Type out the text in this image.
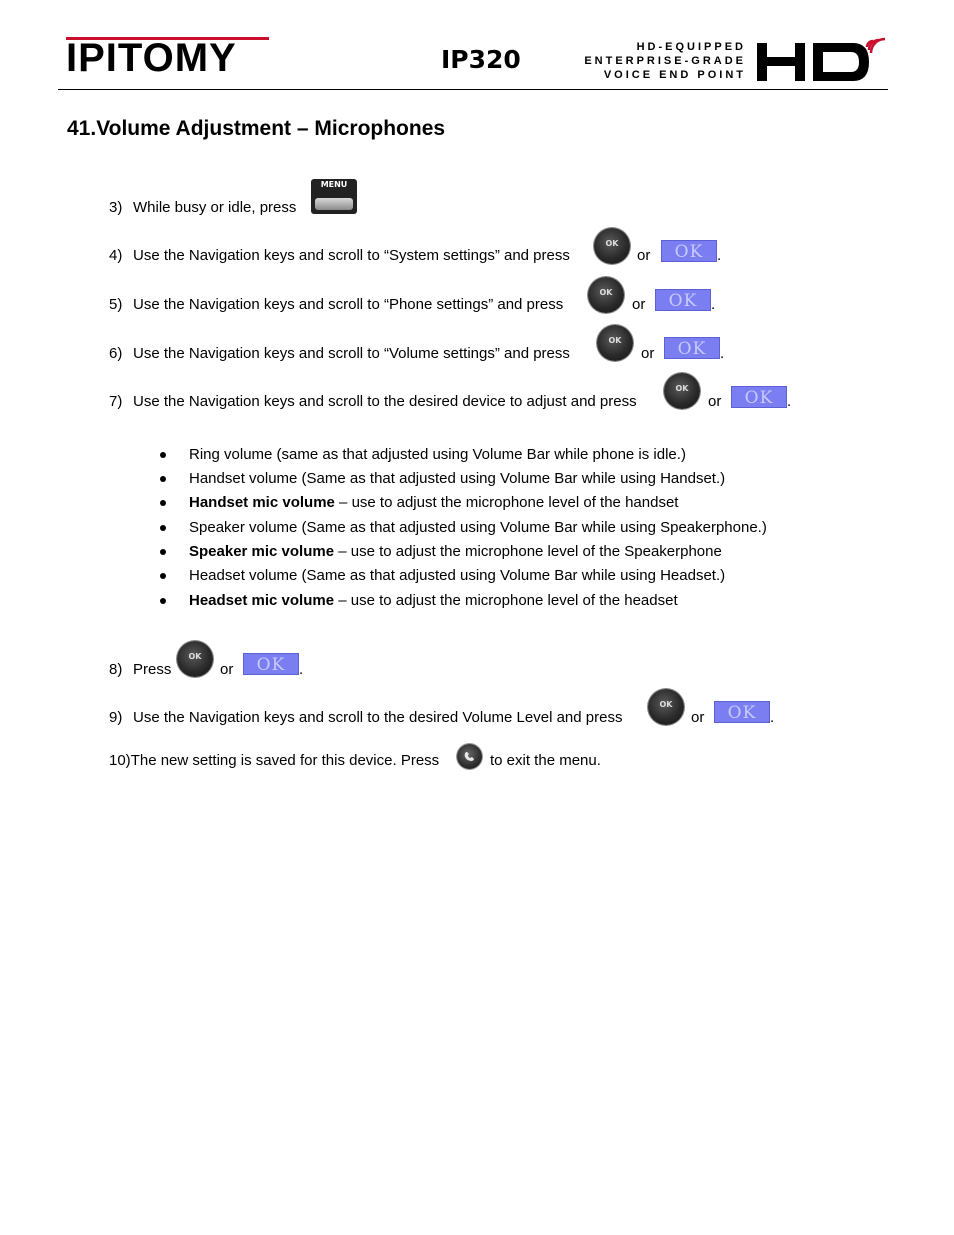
IPITOMY	IP320	HD-EQUIPPED
ENTERPRISE-GRADE
VOICE END POINT
41.Volume Adjustment – Microphones
3) While busy or idle, press
MENU
4) Use the Navigation keys and scroll to “System settings” and press
OK
or	OK .
5) Use the Navigation keys and scroll to “Phone settings” and press
OK
or	OK .
6) Use the Navigation keys and scroll to “Volume settings” and press
OK
or	OK .
7) Use the Navigation keys and scroll to the desired device to adjust and press
OK
or	OK .
Ring volume (same as that adjusted using Volume Bar while phone is idle.)
Handset volume (Same as that adjusted using Volume Bar while using Handset.)
Handset mic volume – use to adjust the microphone level of the handset
Speaker volume (Same as that adjusted using Volume Bar while using Speakerphone.)
Speaker mic volume – use to adjust the microphone level of the Speakerphone
Headset volume (Same as that adjusted using Volume Bar while using Headset.)
Headset mic volume – use to adjust the microphone level of the headset
8) Press
OK
or	OK .
9) Use the Navigation keys and scroll to the desired Volume Level and press
OK
or	OK .
10)The new setting is saved for this device. Press	to exit the menu.
